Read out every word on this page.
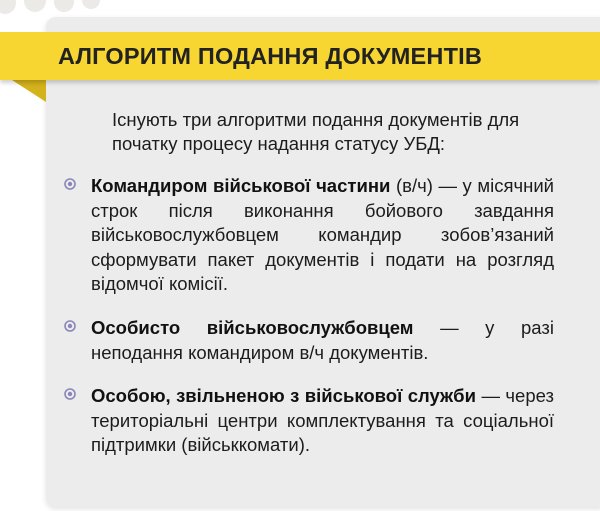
АЛГОРИТМ ПОДАННЯ ДОКУМЕНТІВ

Існують три алгоритми подання документів для початку процесу надання статусу УБД:

Командиром військової частини (в/ч) — у місячний строк після виконання бойового завдання військовослужбовцем командир зобов’язаний сформувати пакет документів і подати на розгляд відомчої комісії.

Особисто військовослужбовцем — у разі неподання командиром в/ч документів.

Особою, звільненою з військової служби — через територіальні центри комплектування та соціальної підтримки (військкомати).
